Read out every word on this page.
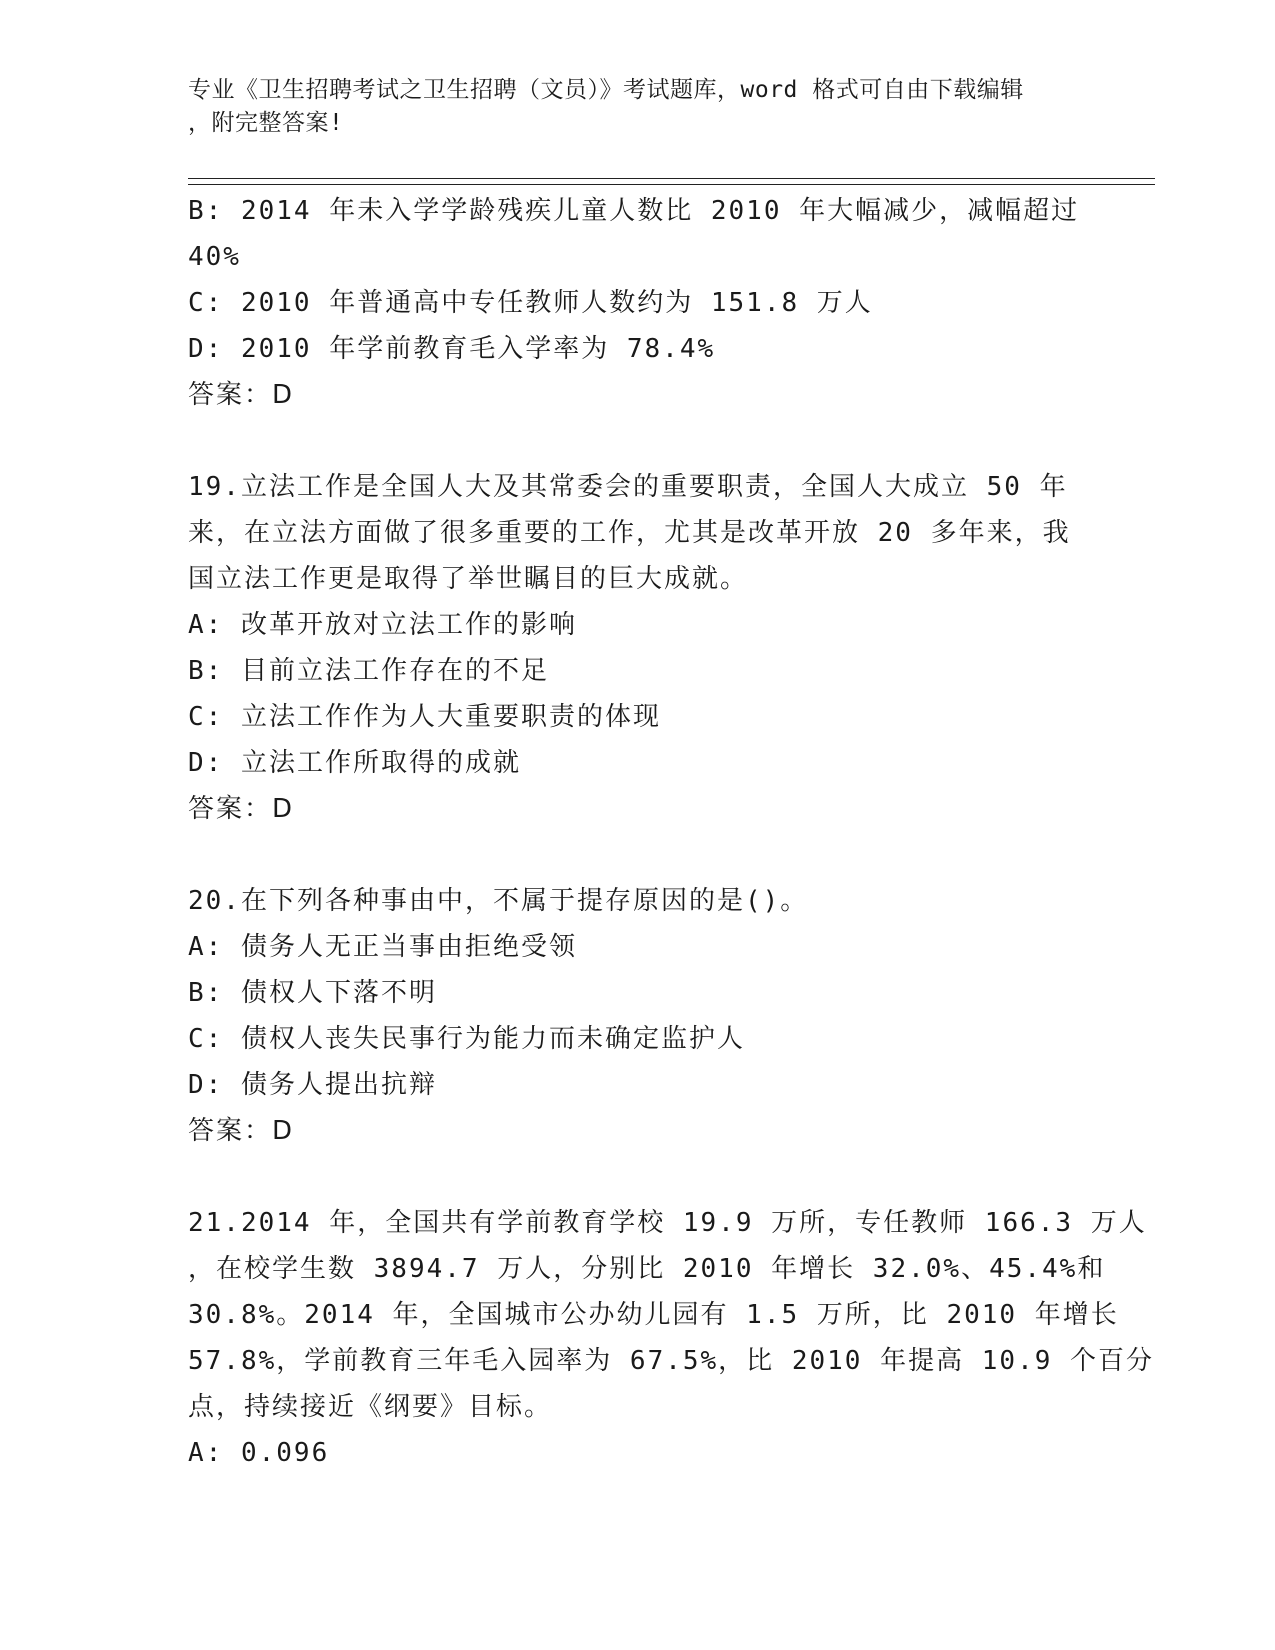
专业《卫生招聘考试之卫生招聘（文员）》考试题库，word 格式可自由下载编辑
，附完整答案!
B: 2014 年未入学学龄残疾儿童人数比 2010 年大幅减少，减幅超过
40%
C: 2010 年普通高中专任教师人数约为 151.8 万人
D: 2010 年学前教育毛入学率为 78.4%
答案：D
19.立法工作是全国人大及其常委会的重要职责，全国人大成立 50 年
来，在立法方面做了很多重要的工作，尤其是改革开放 20 多年来，我
国立法工作更是取得了举世瞩目的巨大成就。
A: 改革开放对立法工作的影响
B: 目前立法工作存在的不足
C: 立法工作作为人大重要职责的体现
D: 立法工作所取得的成就
答案：D
20.在下列各种事由中，不属于提存原因的是()。
A: 债务人无正当事由拒绝受领
B: 债权人下落不明
C: 债权人丧失民事行为能力而未确定监护人
D: 债务人提出抗辩
答案：D
21.2014 年，全国共有学前教育学校 19.9 万所，专任教师 166.3 万人
，在校学生数 3894.7 万人，分别比 2010 年增长 32.0%、45.4%和
30.8%。2014 年，全国城市公办幼儿园有 1.5 万所，比 2010 年增长
57.8%，学前教育三年毛入园率为 67.5%，比 2010 年提高 10.9 个百分
点，持续接近《纲要》目标。
A: 0.096
